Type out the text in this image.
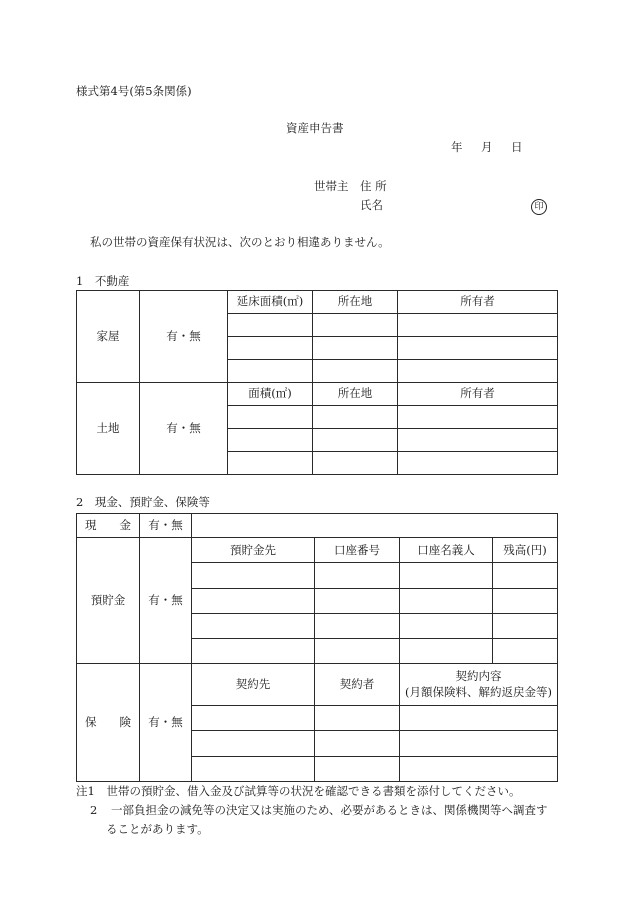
様式第4号(第5条関係)
資産申告書
年 月 日
世帯主 住 所
氏名	印
私の世帯の資産保有状況は、次のとおり相違ありません。
1　不動産
家屋	有・無	延床面積(㎡)	所在地	所有者

土地	有・無	面積(㎡)	所在地	所有者

2　現金、預貯金、保険等
現　　金	有・無				
預貯金	有・無	預貯金先	口座番号	口座名義人	残高(円)

保　　険	有・無	契約先	契約者	契約内容
(月額保険料、解約返戻金等)	

注1 世帯の預貯金、借入金及び試算等の状況を確認できる書類を添付してください。
2 一部負担金の減免等の決定又は実施のため、必要があるときは、関係機関等へ調査す
ることがあります。
